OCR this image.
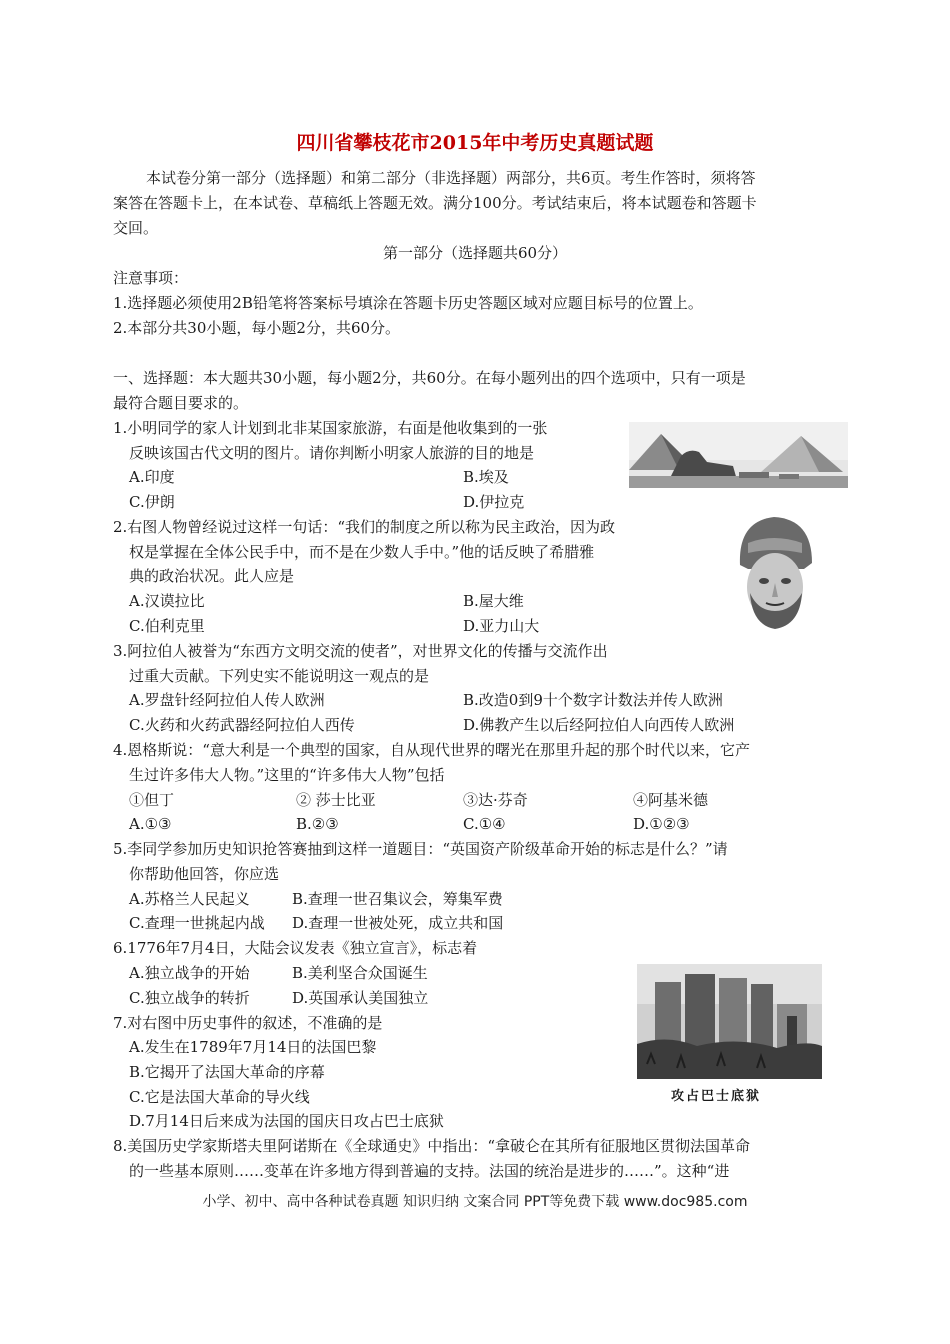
四川省攀枝花市2015年中考历史真题试题
本试卷分第一部分（选择题）和第二部分（非选择题）两部分，共6页。考生作答时，须将答
案答在答题卡上，在本试卷、草稿纸上答题无效。满分100分。考试结束后，将本试题卷和答题卡
交回。
第一部分（选择题共60分）
注意事项：
1.选择题必须使用2B铅笔将答案标号填涂在答题卡历史答题区域对应题目标号的位置上。
2.本部分共30小题，每小题2分，共60分。
一、选择题：本大题共30小题，每小题2分，共60分。在每小题列出的四个选项中，只有一项是
最符合题目要求的。
1.小明同学的家人计划到北非某国家旅游，右面是他收集到的一张
反映该国古代文明的图片。请你判断小明家人旅游的目的地是
A.印度	B.埃及
C.伊朗	D.伊拉克
2.右图人物曾经说过这样一句话：“我们的制度之所以称为民主政治，因为政
权是掌握在全体公民手中，而不是在少数人手中。”他的话反映了希腊雅
典的政治状况。此人应是
A.汉谟拉比	B.屋大维
C.伯利克里	D.亚力山大
3.阿拉伯人被誉为“东西方文明交流的使者”，对世界文化的传播与交流作出
过重大贡献。下列史实不能说明这一观点的是
A.罗盘针经阿拉伯人传人欧洲	B.改造0到9十个数字计数法并传人欧洲
C.火药和火药武器经阿拉伯人西传	D.佛教产生以后经阿拉伯人向西传人欧洲
4.恩格斯说：“意大利是一个典型的国家，自从现代世界的曙光在那里升起的那个时代以来，它产
生过许多伟大人物。”这里的“许多伟大人物”包括
①但丁	② 莎士比亚	③达·芬奇	④阿基米德
A.①③	B.②③	C.①④	D.①②③
5.李同学参加历史知识抢答赛抽到这样一道题目：“英国资产阶级革命开始的标志是什么？”请
你帮助他回答，你应选
A.苏格兰人民起义	B.查理一世召集议会，筹集军费
C.查理一世挑起内战 D.查理一世被处死，成立共和国
6.1776年7月4日，大陆会议发表《独立宣言》，标志着
A.独立战争的开始	B.美利坚合众国诞生
C.独立战争的转折	D.英国承认美国独立
攻占巴士底狱
7.对右图中历史事件的叙述，不准确的是
A.发生在1789年7月14日的法国巴黎
B.它揭开了法国大革命的序幕
C.它是法国大革命的导火线
D.7月14日后来成为法国的国庆日攻占巴士底狱
8.美国历史学家斯塔夫里阿诺斯在《全球通史》中指出：“拿破仑在其所有征服地区贯彻法国革命
的一些基本原则……变革在许多地方得到普遍的支持。法国的统治是进步的……”。这种“进
小学、初中、高中各种试卷真题 知识归纳 文案合同 PPT等免费下载 www.doc985.com
